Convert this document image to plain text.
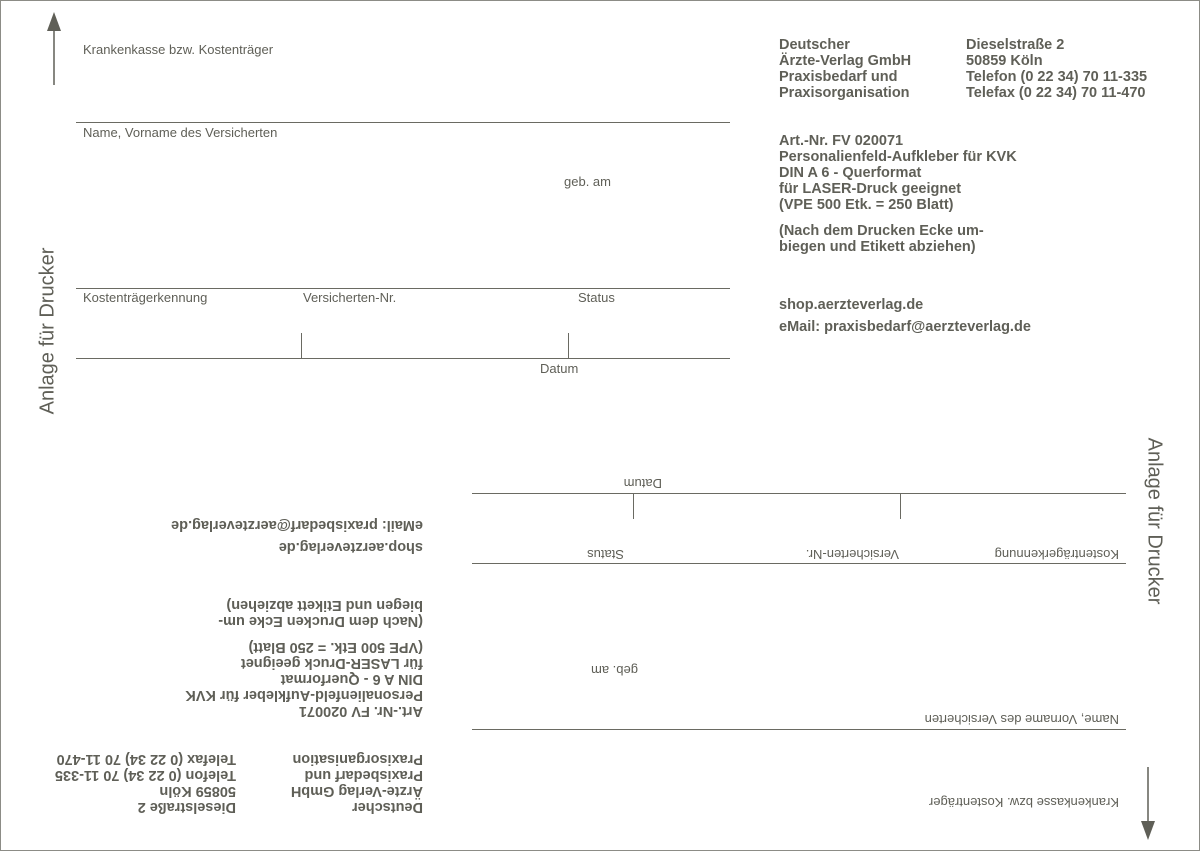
Anlage für Drucker
Krankenkasse bzw. Kostenträger
Name, Vorname des Versicherten
geb. am
Kostenträgerkennung	Versicherten-Nr.	Status
Datum
Deutscher
Ärzte-Verlag GmbH
Praxisbedarf und
Praxisorganisation
Dieselstraße 2
50859 Köln
Telefon (0 22 34) 70 11-335
Telefax (0 22 34) 70 11-470
Art.-Nr. FV 020071
Personalienfeld-Aufkleber für KVK
DIN A 6 - Querformat
für LASER-Druck geeignet
(VPE 500 Etk. = 250 Blatt)
(Nach dem Drucken Ecke um-
biegen und Etikett abziehen)
shop.aerzteverlag.de
eMail: praxisbedarf@aerzteverlag.de
Anlage für Drucker
Krankenkasse bzw. Kostenträger
Name, Vorname des Versicherten
geb. am
Kostenträgerkennung
Versicherten-Nr.
Status
Datum
Deutscher
Ärzte-Verlag GmbH
Praxisbedarf und
Praxisorganisation
Dieselstraße 2
50859 Köln
Telefon (0 22 34) 70 11-335
Telefax (0 22 34) 70 11-470
Art.-Nr. FV 020071
Personalienfeld-Aufkleber für KVK
DIN A 6 - Querformat
für LASER-Druck geeignet
(VPE 500 Etk. = 250 Blatt)
(Nach dem Drucken Ecke um-
biegen und Etikett abziehen)
shop.aerzteverlag.de
eMail: praxisbedarf@aerzteverlag.de
